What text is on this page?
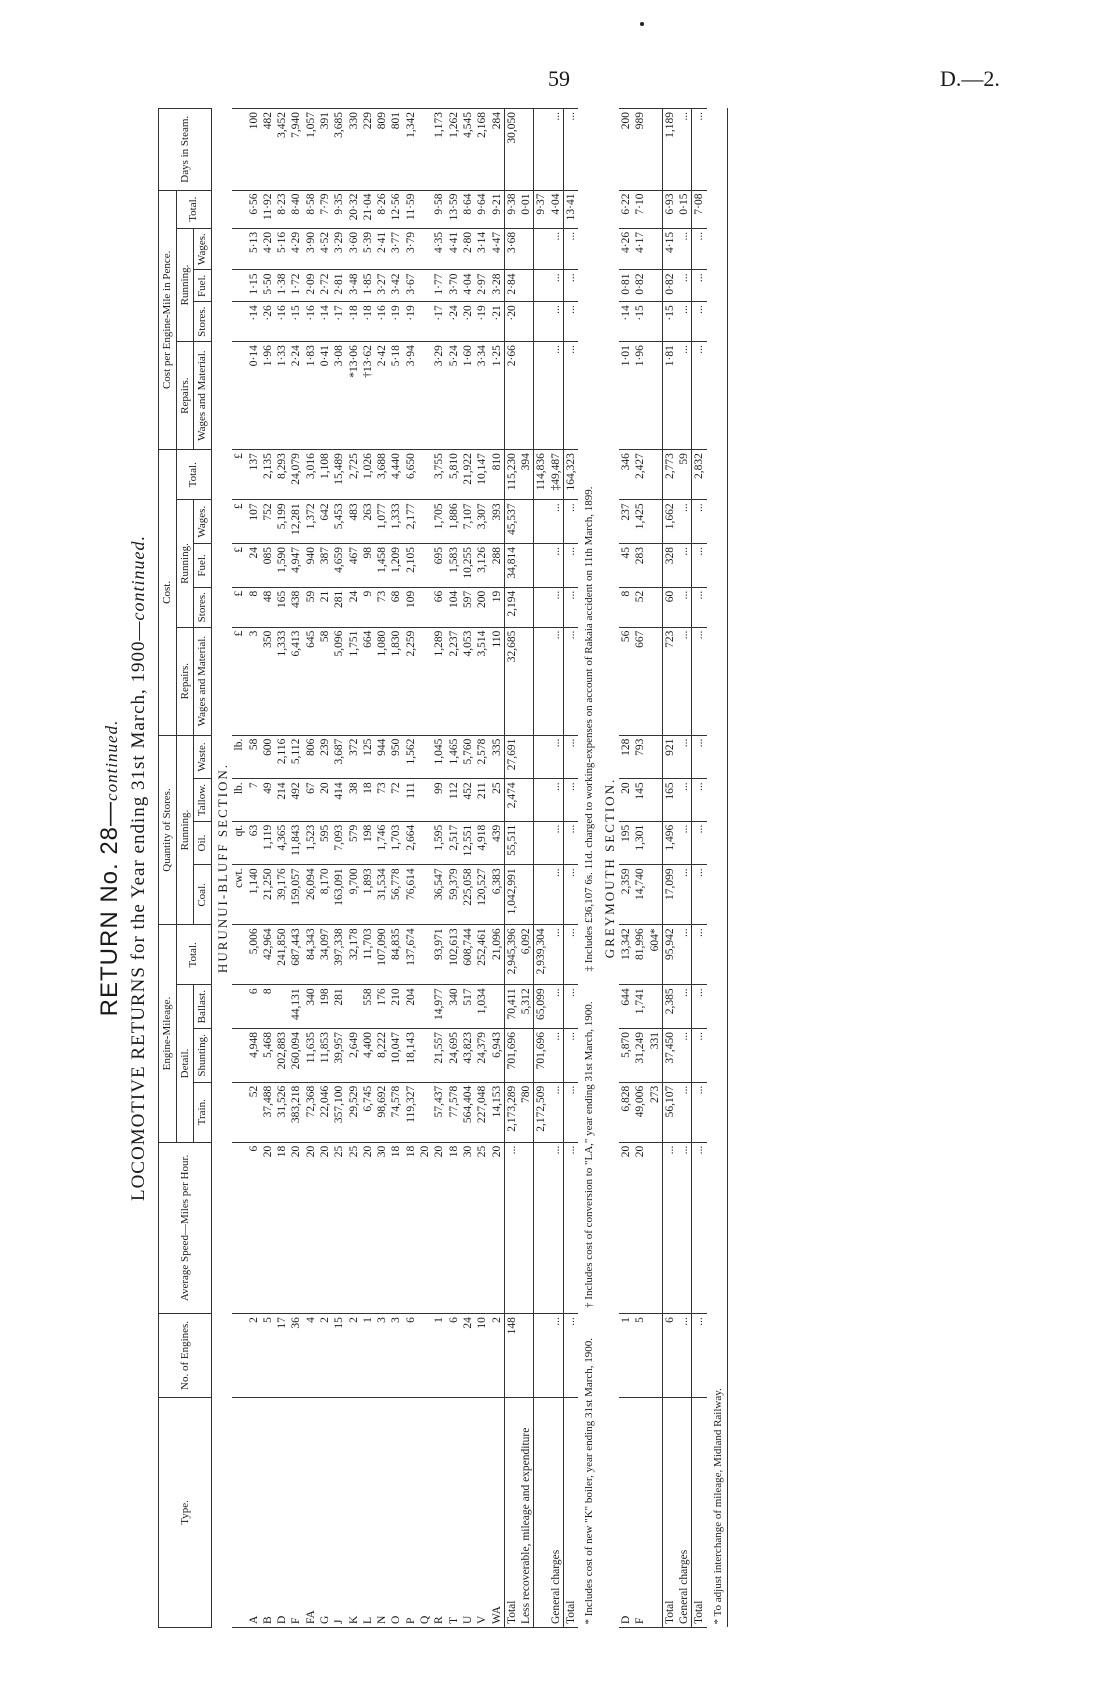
59	D.—2.
RETURN No. 28—continued. LOCOMOTIVE RETURNS for the Year ending 31st March, 1900—continued.
Type.	No. of Engines.	Average Speed—Miles per Hour.	Engine-Mileage.				Quantity of Stores.				Cost.					Cost per Engine-Mile in Pence.					Days in Steam.
			Detail.			Total.	Running.				Repairs.	Running.			Total.	Repairs.	Running.			Total.	
			Train.	Shunting.	Ballast.		Coal.	Oil.	Tallow.	Waste.		Stores.	Fuel.	Wages.		Wages and Material.	Stores.	Fuel.	Wages.		
											Wages and Material.										
HURUNUI-BLUFF SECTION.																					
							cwt.	qt.	lb.	lb.	£	£	£	£	£						
A	2	6	52	4,948	6	5,006	1,140	63	7	58	3	8	24	107	137	0·14	·14	1·15	5·13	6·56	100
B	5	20	37,488	5,468	8	42,964	21,250	1,119	49	600	350	48	085	752	2,135	1·96	·26	5·50	4·20	11·92	482
D	17	18	31,526	202,883		241,850	39,176	4,365	214	2,116	1,333	165	1,590	5,199	8,293	1·33	·16	1·38	5·16	8·23	3,452
F	36	20	383,218	260,094	44,131	687,443	159,057	11,843	492	5,112	6,413	438	4,947	12,281	24,079	2·24	·15	1·72	4·29	8·40	7,940
FA	4	20	72,368	11,635	340	84,343	26,094	1,523	67	806	645	59	940	1,372	3,016	1·83	·16	2·09	3·90	8·58	1,057
G	2	20	22,046	11,853	198	34,097	8,170	595	20	239	58	21	387	642	1,108	0·41	·14	2·72	4·52	7·79	391
J	15	25	357,100	39,957	281	397,338	163,091	7,093	414	3,687	5,096	281	4,659	5,453	15,489	3·08	·17	2·81	3·29	9·35	3,685
K	2	25	29,529	2,649		32,178	9,700	579	38	372	1,751	24	467	483	2,725	*13·06	·18	3·48	3·60	20·32	330
L	1	20	6,745	4,400	558	11,703	1,893	198	18	125	664	9	98	263	1,026	†13·62	·18	1·85	5·39	21·04	229
N	3	30	98,692	8,222	176	107,090	31,534	1,746	73	944	1,080	73	1,458	1,077	3,688	2·42	·16	3·27	2·41	8·26	809
O	3	18	74,578	10,047	210	84,835	56,778	1,703	72	950	1,830	68	1,209	1,333	4,440	5·18	·19	3·42	3·77	12·56	801
P	6	18	119,327	18,143	204	137,674	76,614	2,664	111	1,562	2,259	109	2,105	2,177	6,650	3·94	·19	3·67	3·79	11·59	1,342
Q		20																			
R	1	20	57,437	21,557	14,977	93,971	36,547	1,595	99	1,045	1,289	66	695	1,705	3,755	3·29	·17	1·77	4·35	9·58	1,173
T	6	18	77,578	24,695	340	102,613	59,379	2,517	112	1,465	2,237	104	1,583	1,886	5,810	5·24	·24	3·70	4·41	13·59	1,262
U	24	30	564,404	43,823	517	608,744	225,058	12,551	452	5,760	4,053	597	10,255	7,107	21,922	1·60	·20	4·04	2·80	8·64	4,545
V	10	25	227,048	24,379	1,034	252,461	120,527	4,918	211	2,578	3,514	200	3,126	3,307	10,147	3·34	·19	2·97	3·14	9·64	2,168
WA	2	20	14,153	6,943		21,096	6,383	439	25	335	110	19	288	393	810	1·25	·21	3·28	4·47	9·21	284
Total	148	...	2,173,289	701,696	70,411	2,945,396	1,042,991	55,511	2,474	27,691	32,685	2,194	34,814	45,537	115,230	2·66	·20	2·84	3·68	9·38	30,050
Less recoverable, mileage and expenditure			780		5,312	6,092									394					0·01	
			2,172,509	701,696	65,099	2,939,304									114,836					9·37	
General charges	...	...	...	...	...	...	...	...	...	...	...	...	...	...	‡49,487	...	...	...	...	4·04	...
Total	...	...	...	...	...	...	...	...	...	...	...	...	...	...	164,323	...	...	...	...	13·41	...

* Includes cost of new "K" boiler, year ending 31st March, 1900.
† Includes cost of conversion to "LA," year ending 31st March, 1900.
‡ Includes £36,107 6s. 11d. charged to working-expenses on account of Rakaia accident on 11th March, 1899.																					

GREYMOUTH SECTION.																					
D	1	20	6,828	5,870	644	13,342	2,359	195	20	128	56	8	45	237	346	1·01	·14	0·81	4·26	6·22	200
F	5	20	49,006	31,249	1,741	81,996	14,740	1,301	145	793	667	52	283	1,425	2,427	1·96	·15	0·82	4·17	7·10	989
			273	331		604*															
Total	6	...	56,107	37,450	2,385	95,942	17,099	1,496	165	921	723	60	328	1,662	2,773	1·81	·15	0·82	4·15	6·93	1,189
General charges	...	...	...	...	...	...	...	...	...	...	...	...	...	...	59	...	...	...	...	0·15	...
Total	...	...	...	...	...	...	...	...	...	...	...	...	...	...	2,832	...	...	...	...	7·08	...

* To adjust interchange of mileage, Midland Railway.																					
